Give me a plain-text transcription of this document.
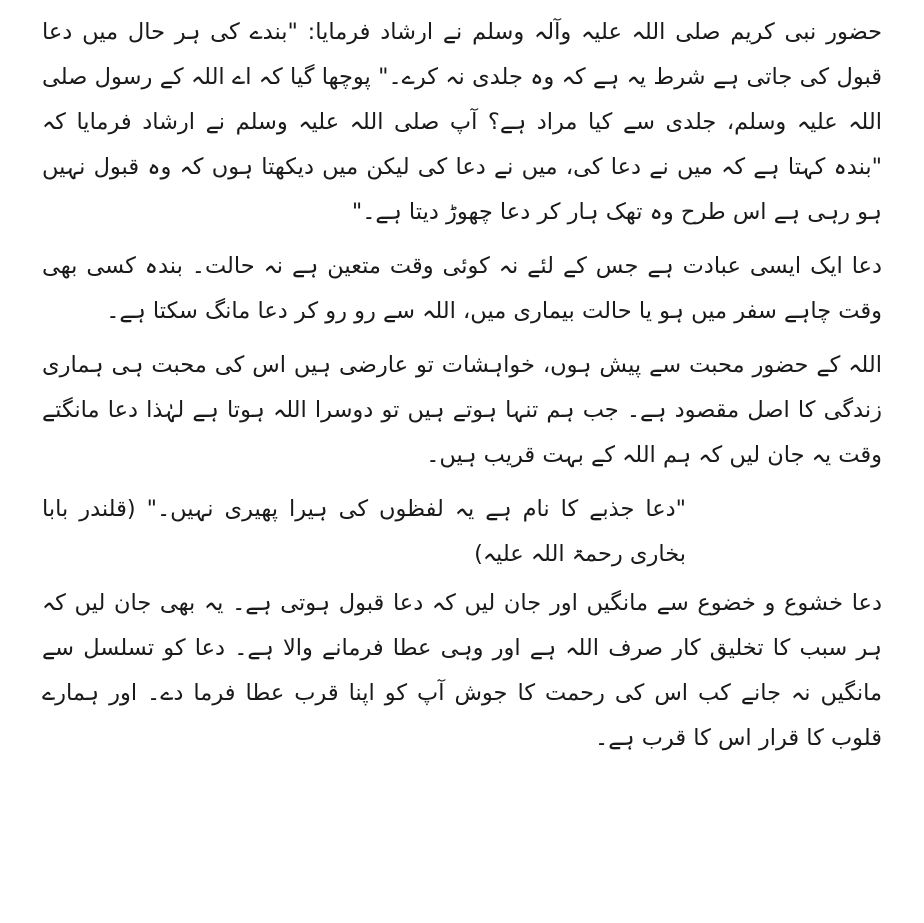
حضور نبی کریم صلی اللہ علیہ وآلہ وسلم نے ارشاد فرمایا: "بندے کی ہر حال میں دعا قبول کی جاتی ہے شرط یہ ہے کہ وہ جلدی نہ کرے۔" پوچھا گیا کہ اے اللہ کے رسول صلی اللہ علیہ وسلم، جلدی سے کیا مراد ہے؟ آپ صلی اللہ علیہ وسلم نے ارشاد فرمایا کہ "بندہ کہتا ہے کہ میں نے دعا کی، میں نے دعا کی لیکن میں دیکھتا ہوں کہ وہ قبول نہیں ہو رہی ہے اس طرح وہ تھک ہار کر دعا چھوڑ دیتا ہے۔"

دعا ایک ایسی عبادت ہے جس کے لئے نہ کوئی وقت متعین ہے نہ حالت۔ بندہ کسی بھی وقت چاہے سفر میں ہو یا حالت بیماری میں، اللہ سے رو رو کر دعا مانگ سکتا ہے۔

اللہ کے حضور محبت سے پیش ہوں، خواہشات تو عارضی ہیں اس کی محبت ہی ہماری زندگی کا اصل مقصود ہے۔ جب ہم تنہا ہوتے ہیں تو دوسرا اللہ ہوتا ہے لہٰذا دعا مانگتے وقت یہ جان لیں کہ ہم اللہ کے بہت قریب ہیں۔

"دعا جذبے کا نام ہے یہ لفظوں کی ہیرا پھیری نہیں۔" (قلندر بابا بخاری رحمۃ اللہ علیہ)

دعا خشوع و خضوع سے مانگیں اور جان لیں کہ دعا قبول ہوتی ہے۔ یہ بھی جان لیں کہ ہر سبب کا تخلیق کار صرف اللہ ہے اور وہی عطا فرمانے والا ہے۔ دعا کو تسلسل سے مانگیں نہ جانے کب اس کی رحمت کا جوش آپ کو اپنا قرب عطا فرما دے۔ اور ہمارے قلوب کا قرار اس کا قرب ہے۔
